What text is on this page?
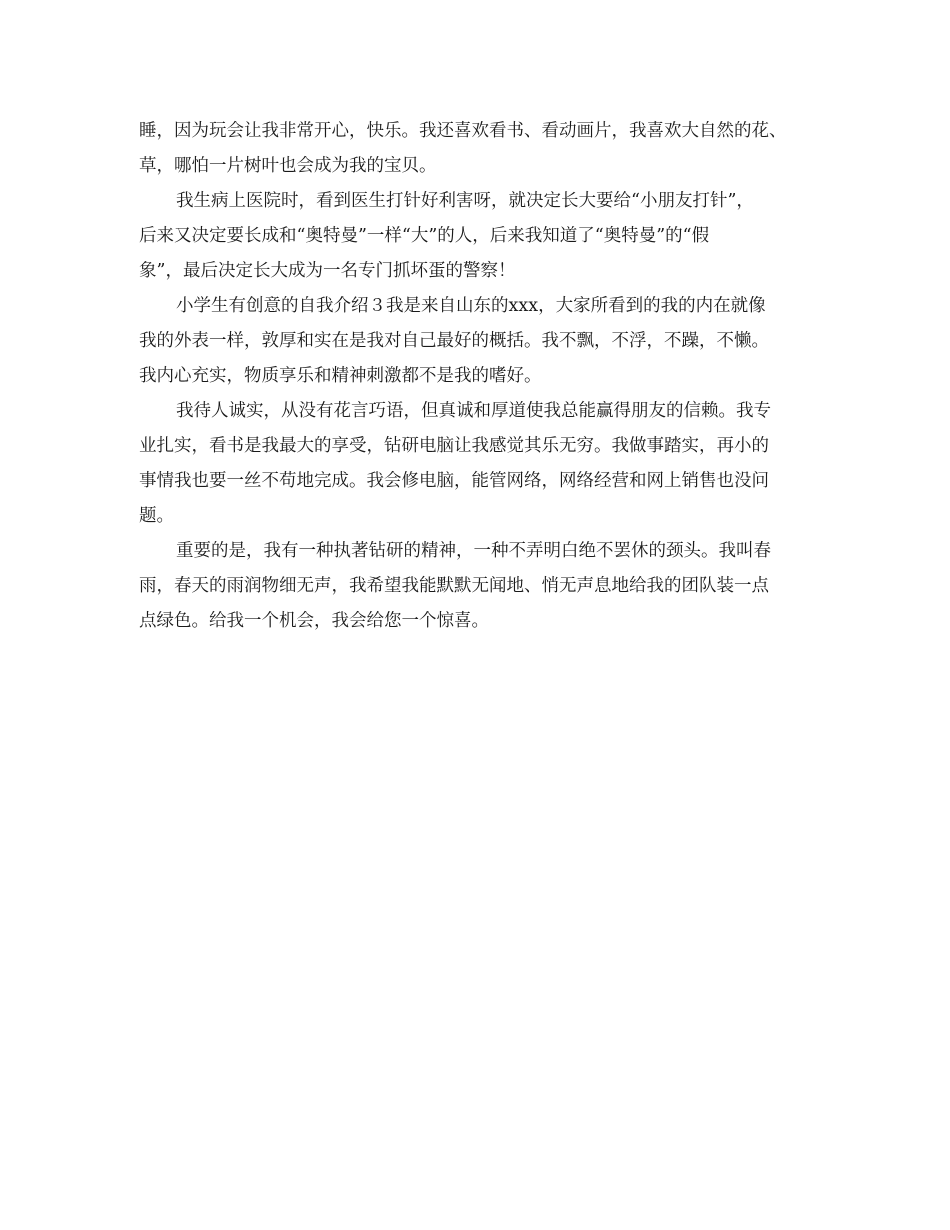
睡，因为玩会让我非常开心，快乐。我还喜欢看书、看动画片，我喜欢大自然的花、
草，哪怕一片树叶也会成为我的宝贝。
我生病上医院时，看到医生打针好利害呀，就决定长大要给“小朋友打针”，
后来又决定要长成和“奥特曼”一样“大”的人，后来我知道了“奥特曼”的“假
象”，最后决定长大成为一名专门抓坏蛋的警察！
小学生有创意的自我介绍３我是来自山东的xxx，大家所看到的我的内在就像
我的外表一样，敦厚和实在是我对自己最好的概括。我不飘，不浮，不躁，不懒。
我内心充实，物质享乐和精神刺激都不是我的嗜好。
我待人诚实，从没有花言巧语，但真诚和厚道使我总能赢得朋友的信赖。我专
业扎实，看书是我最大的享受，钻研电脑让我感觉其乐无穷。我做事踏实，再小的
事情我也要一丝不苟地完成。我会修电脑，能管网络，网络经营和网上销售也没问
题。
重要的是，我有一种执著钻研的精神，一种不弄明白绝不罢休的颈头。我叫春
雨，春天的雨润物细无声，我希望我能默默无闻地、悄无声息地给我的团队装一点
点绿色。给我一个机会，我会给您一个惊喜。
